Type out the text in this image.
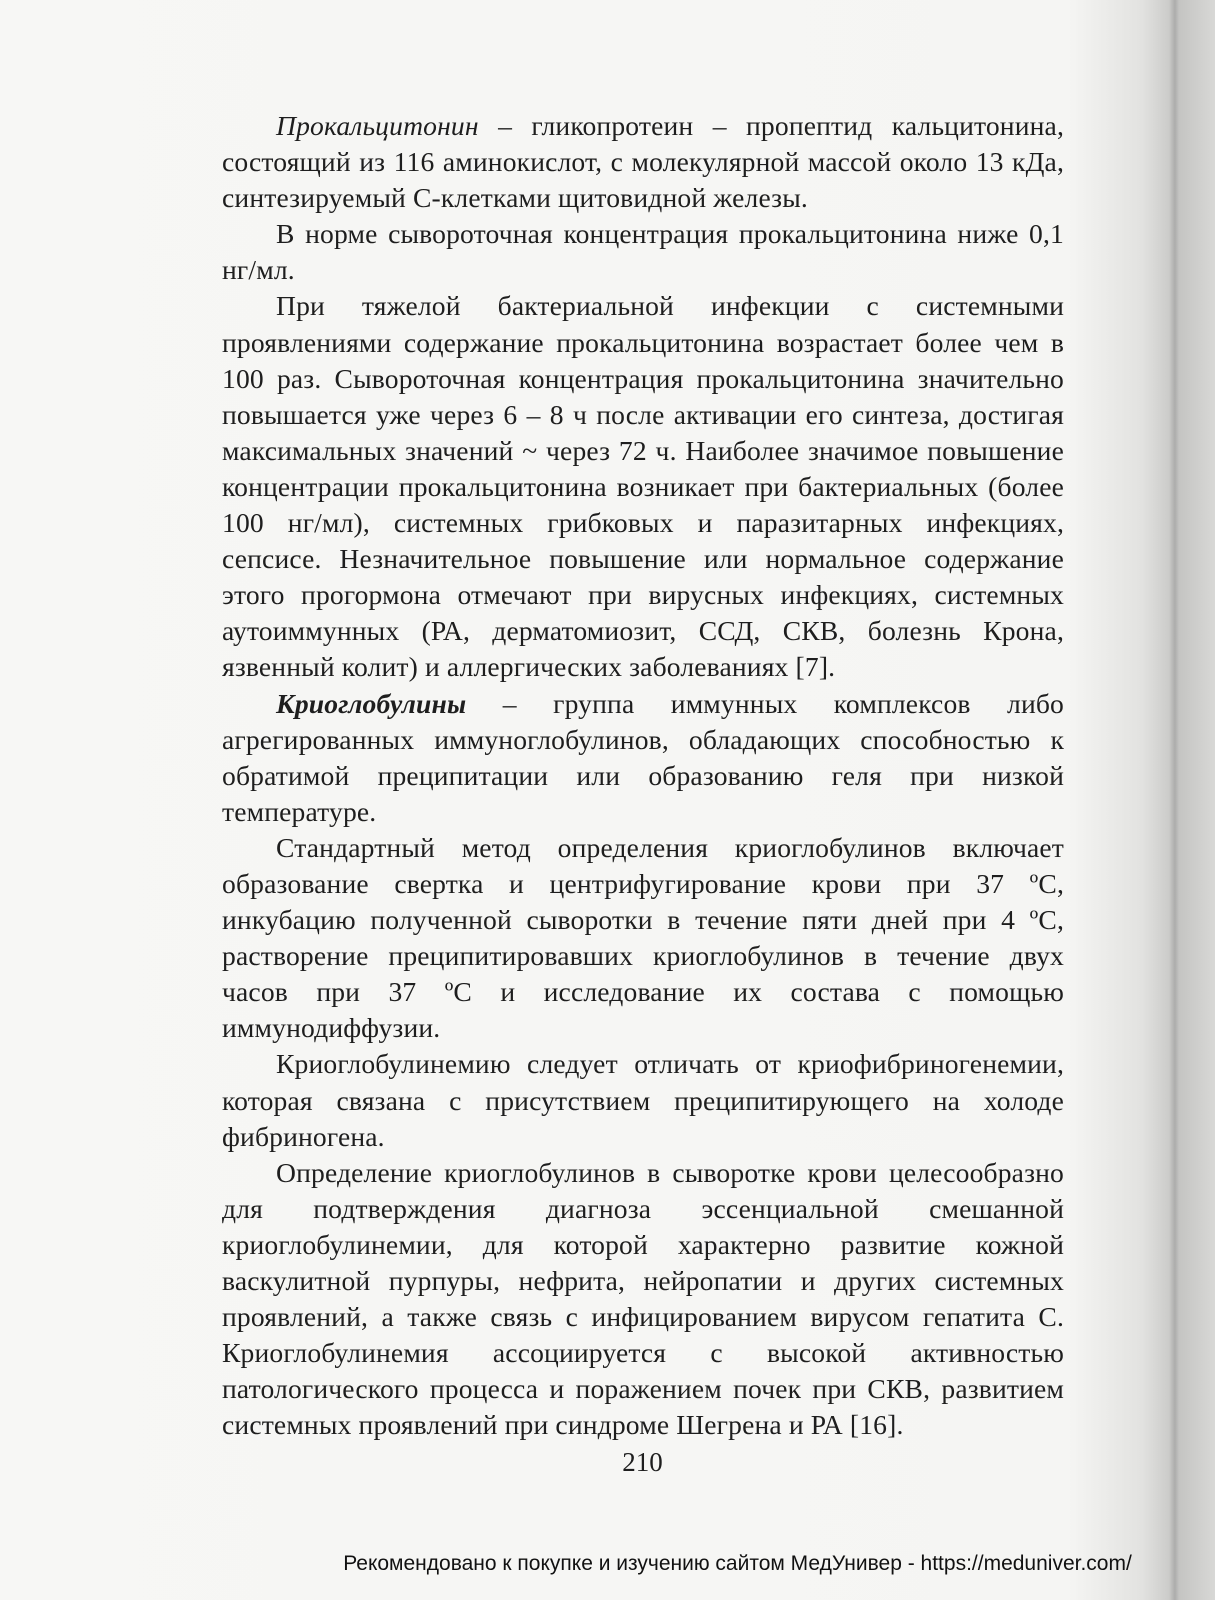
Прокальцитонин – гликопротеин – пропептид кальцитонина, состоящий из 116 аминокислот, с молекулярной массой около 13 кДа, синтезируемый С-клетками щитовидной железы.

В норме сывороточная концентрация прокальцитонина ниже 0,1 нг/мл.

При тяжелой бактериальной инфекции с системными проявлениями содержание прокальцитонина возрастает более чем в 100 раз. Сывороточная концентрация прокальцитонина значительно повышается уже через 6 – 8 ч после активации его синтеза, достигая максимальных значений ~ через 72 ч. Наиболее значимое повышение концентрации прокальцитонина возникает при бактериальных (более 100 нг/мл), системных грибковых и паразитарных инфекциях, сепсисе. Незначительное повышение или нормальное содержание этого прогормона отмечают при вирусных инфекциях, системных аутоиммунных (РА, дерматомиозит, ССД, СКВ, болезнь Крона, язвенный колит) и аллергических заболеваниях [7].

Криоглобулины – группа иммунных комплексов либо агрегированных иммуноглобулинов, обладающих способностью к обратимой преципитации или образованию геля при низкой температуре.

Стандартный метод определения криоглобулинов включает образование свертка и центрифугирование крови при 37 ºС, инкубацию полученной сыворотки в течение пяти дней при 4 ºС, растворение преципитировавших криоглобулинов в течение двух часов при 37 ºС и исследование их состава с помощью иммунодиффузии.

Криоглобулинемию следует отличать от криофибриногенемии, которая связана с присутствием преципитирующего на холоде фибриногена.

Определение криоглобулинов в сыворотке крови целесообразно для подтверждения диагноза эссенциальной смешанной криоглобулинемии, для которой характерно развитие кожной васкулитной пурпуры, нефрита, нейропатии и других системных проявлений, а также связь с инфицированием вирусом гепатита С. Криоглобулинемия ассоциируется с высокой активностью патологического процесса и поражением почек при СКВ, развитием системных проявлений при синдроме Шегрена и РА [16].

210
Рекомендовано к покупке и изучению сайтом МедУнивер - https://meduniver.com/
